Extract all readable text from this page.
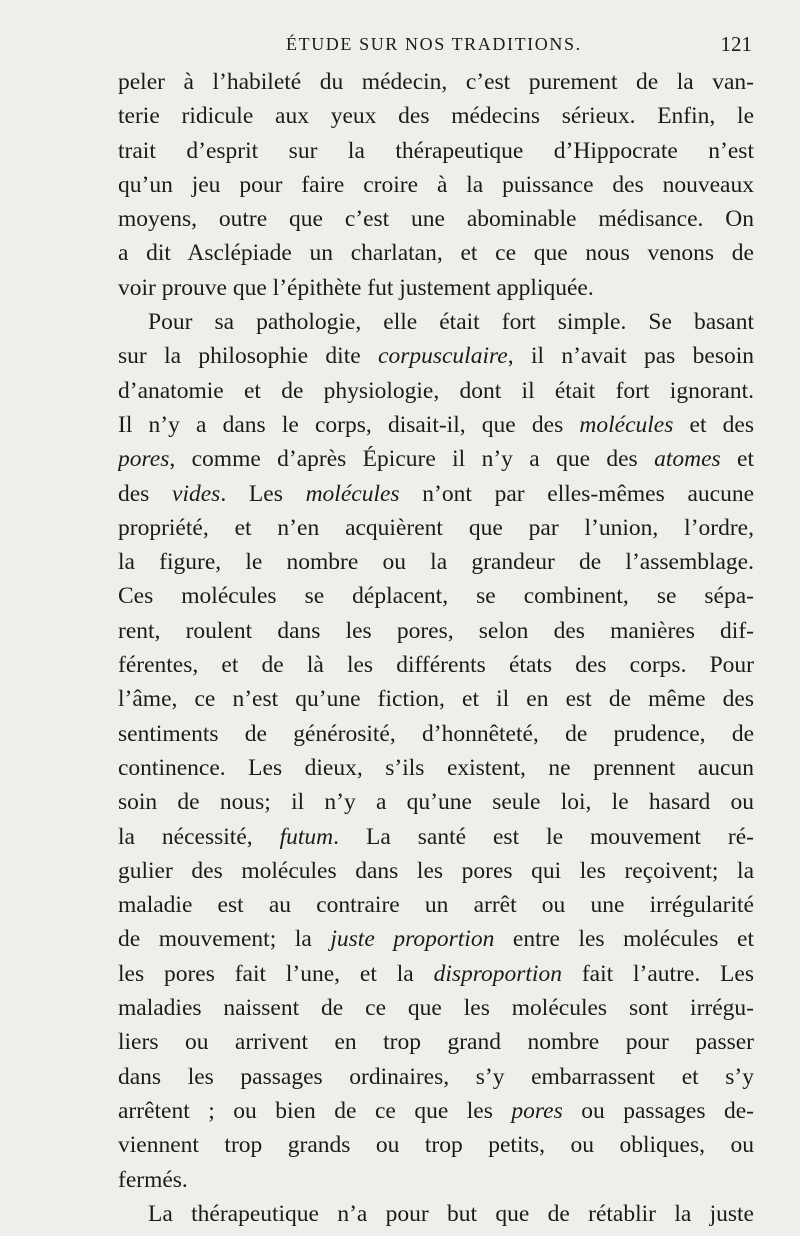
ÉTUDE SUR NOS TRADITIONS.	121
peler à l’habileté du médecin, c’est purement de la van-
terie ridicule aux yeux des médecins sérieux. Enfin, le
trait d’esprit sur la thérapeutique d’Hippocrate n’est
qu’un jeu pour faire croire à la puissance des nouveaux
moyens, outre que c’est une abominable médisance. On
a dit Asclépiade un charlatan, et ce que nous venons de
voir prouve que l’épithète fut justement appliquée.
Pour sa pathologie, elle était fort simple. Se basant
sur la philosophie dite corpusculaire, il n’avait pas besoin
d’anatomie et de physiologie, dont il était fort ignorant.
Il n’y a dans le corps, disait-il, que des molécules et des
pores, comme d’après Épicure il n’y a que des atomes et
des vides. Les molécules n’ont par elles-mêmes aucune
propriété, et n’en acquièrent que par l’union, l’ordre,
la figure, le nombre ou la grandeur de l’assemblage.
Ces molécules se déplacent, se combinent, se sépa-
rent, roulent dans les pores, selon des manières dif-
férentes, et de là les différents états des corps. Pour
l’âme, ce n’est qu’une fiction, et il en est de même des
sentiments de générosité, d’honnêteté, de prudence, de
continence. Les dieux, s’ils existent, ne prennent aucun
soin de nous; il n’y a qu’une seule loi, le hasard ou
la nécessité, futum. La santé est le mouvement ré-
gulier des molécules dans les pores qui les reçoivent; la
maladie est au contraire un arrêt ou une irrégularité
de mouvement; la juste proportion entre les molécules et
les pores fait l’une, et la disproportion fait l’autre. Les
maladies naissent de ce que les molécules sont irrégu-
liers ou arrivent en trop grand nombre pour passer
dans les passages ordinaires, s’y embarrassent et s’y
arrêtent ; ou bien de ce que les pores ou passages de-
viennent trop grands ou trop petits, ou obliques, ou
fermés.
La thérapeutique n’a pour but que de rétablir la juste
